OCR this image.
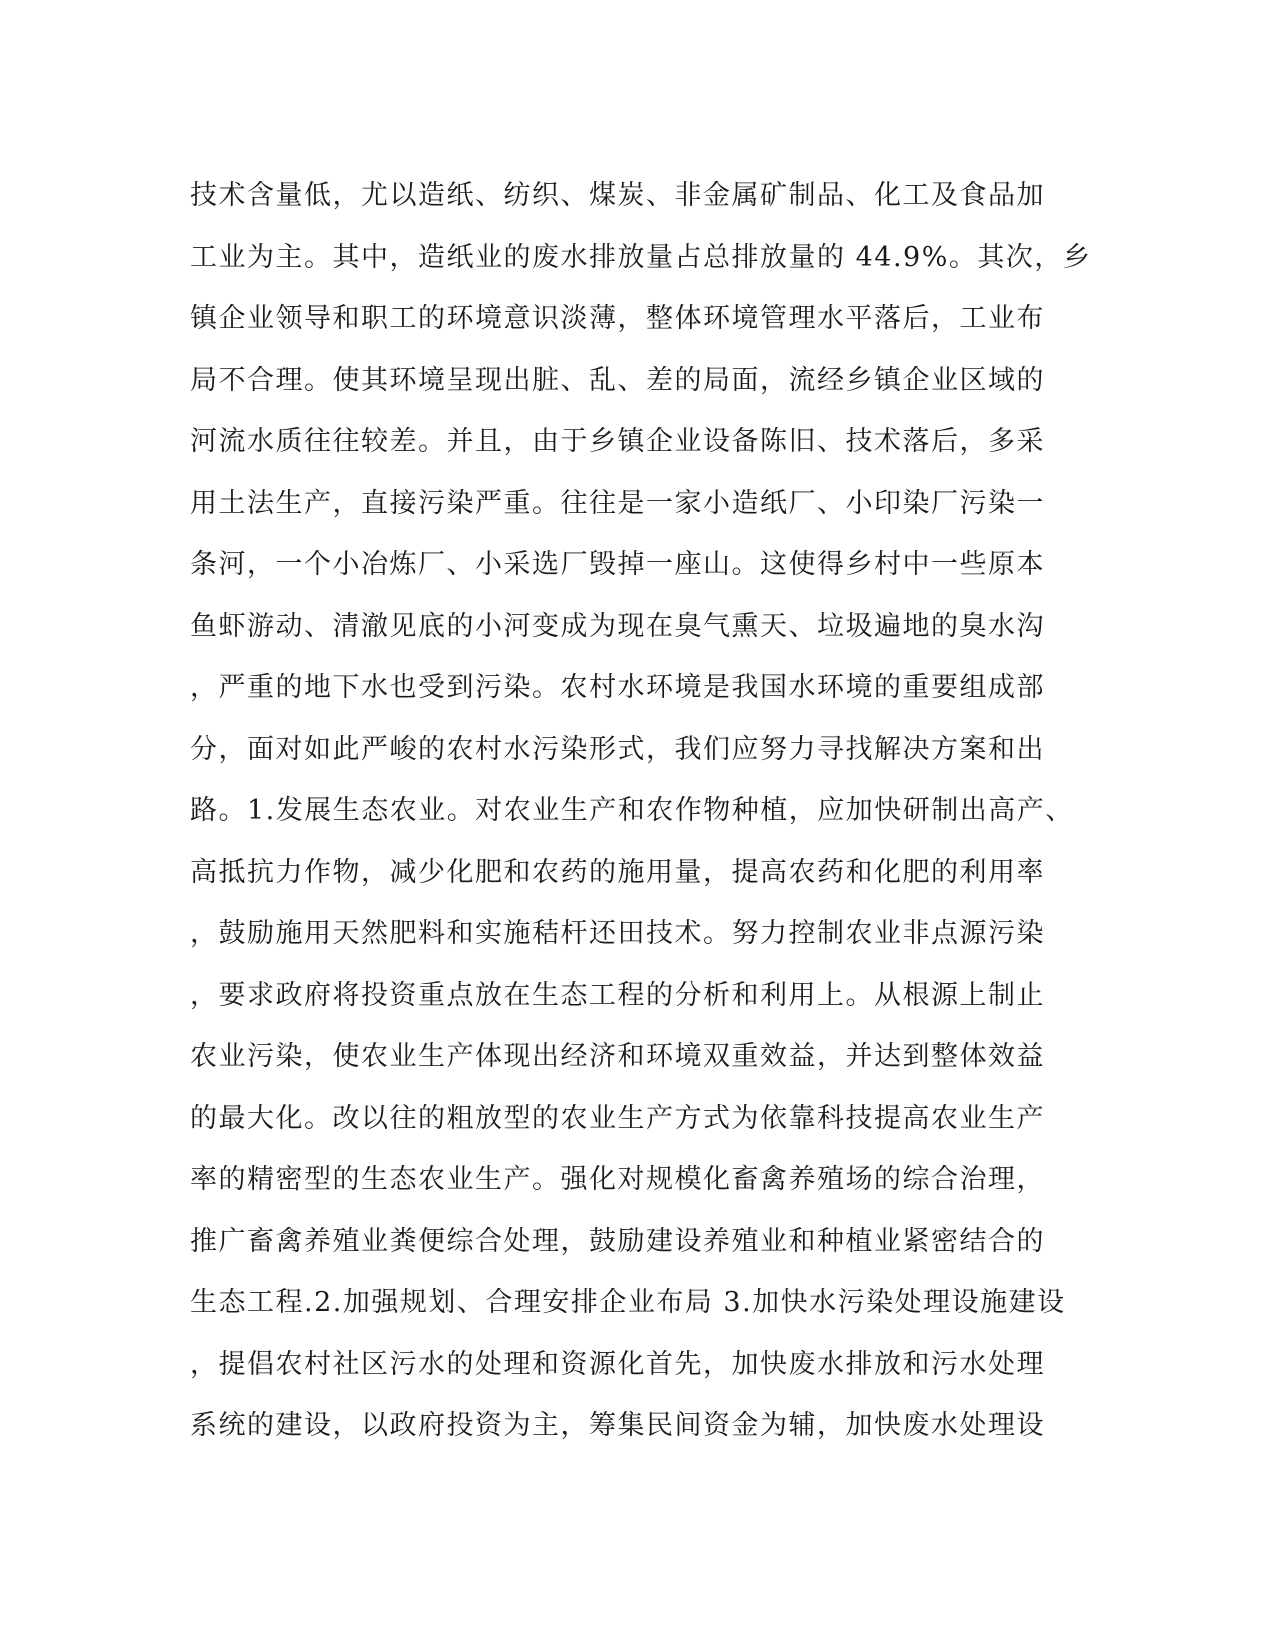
技术含量低，尤以造纸、纺织、煤炭、非金属矿制品、化工及食品加
工业为主。其中，造纸业的废水排放量占总排放量的 44.9%。其次，乡
镇企业领导和职工的环境意识淡薄，整体环境管理水平落后，工业布
局不合理。使其环境呈现出脏、乱、差的局面，流经乡镇企业区域的
河流水质往往较差。并且，由于乡镇企业设备陈旧、技术落后，多采
用土法生产，直接污染严重。往往是一家小造纸厂、小印染厂污染一
条河，一个小冶炼厂、小采选厂毁掉一座山。这使得乡村中一些原本
鱼虾游动、清澈见底的小河变成为现在臭气熏天、垃圾遍地的臭水沟
，严重的地下水也受到污染。农村水环境是我国水环境的重要组成部
分，面对如此严峻的农村水污染形式，我们应努力寻找解决方案和出
路。1.发展生态农业。对农业生产和农作物种植，应加快研制出高产、
高抵抗力作物，减少化肥和农药的施用量，提高农药和化肥的利用率
，鼓励施用天然肥料和实施秸杆还田技术。努力控制农业非点源污染
，要求政府将投资重点放在生态工程的分析和利用上。从根源上制止
农业污染，使农业生产体现出经济和环境双重效益，并达到整体效益
的最大化。改以往的粗放型的农业生产方式为依靠科技提高农业生产
率的精密型的生态农业生产。强化对规模化畜禽养殖场的综合治理，
推广畜禽养殖业粪便综合处理，鼓励建设养殖业和种植业紧密结合的
生态工程.2.加强规划、合理安排企业布局 3.加快水污染处理设施建设
，提倡农村社区污水的处理和资源化首先，加快废水排放和污水处理
系统的建设，以政府投资为主，筹集民间资金为辅，加快废水处理设
